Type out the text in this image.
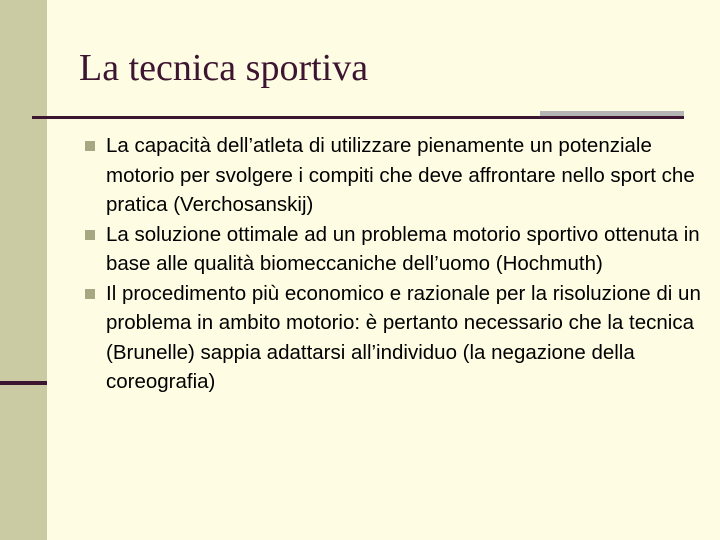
La tecnica sportiva
La capacità dell’atleta di utilizzare pienamente un potenziale motorio per svolgere i compiti che deve affrontare nello sport che pratica (Verchosanskij)
La soluzione ottimale ad un problema motorio sportivo ottenuta in base alle qualità biomeccaniche dell’uomo (Hochmuth)
Il procedimento più economico e razionale per la risoluzione di un problema in ambito motorio: è pertanto necessario che la tecnica (Brunelle) sappia adattarsi all’individuo (la negazione della coreografia)
